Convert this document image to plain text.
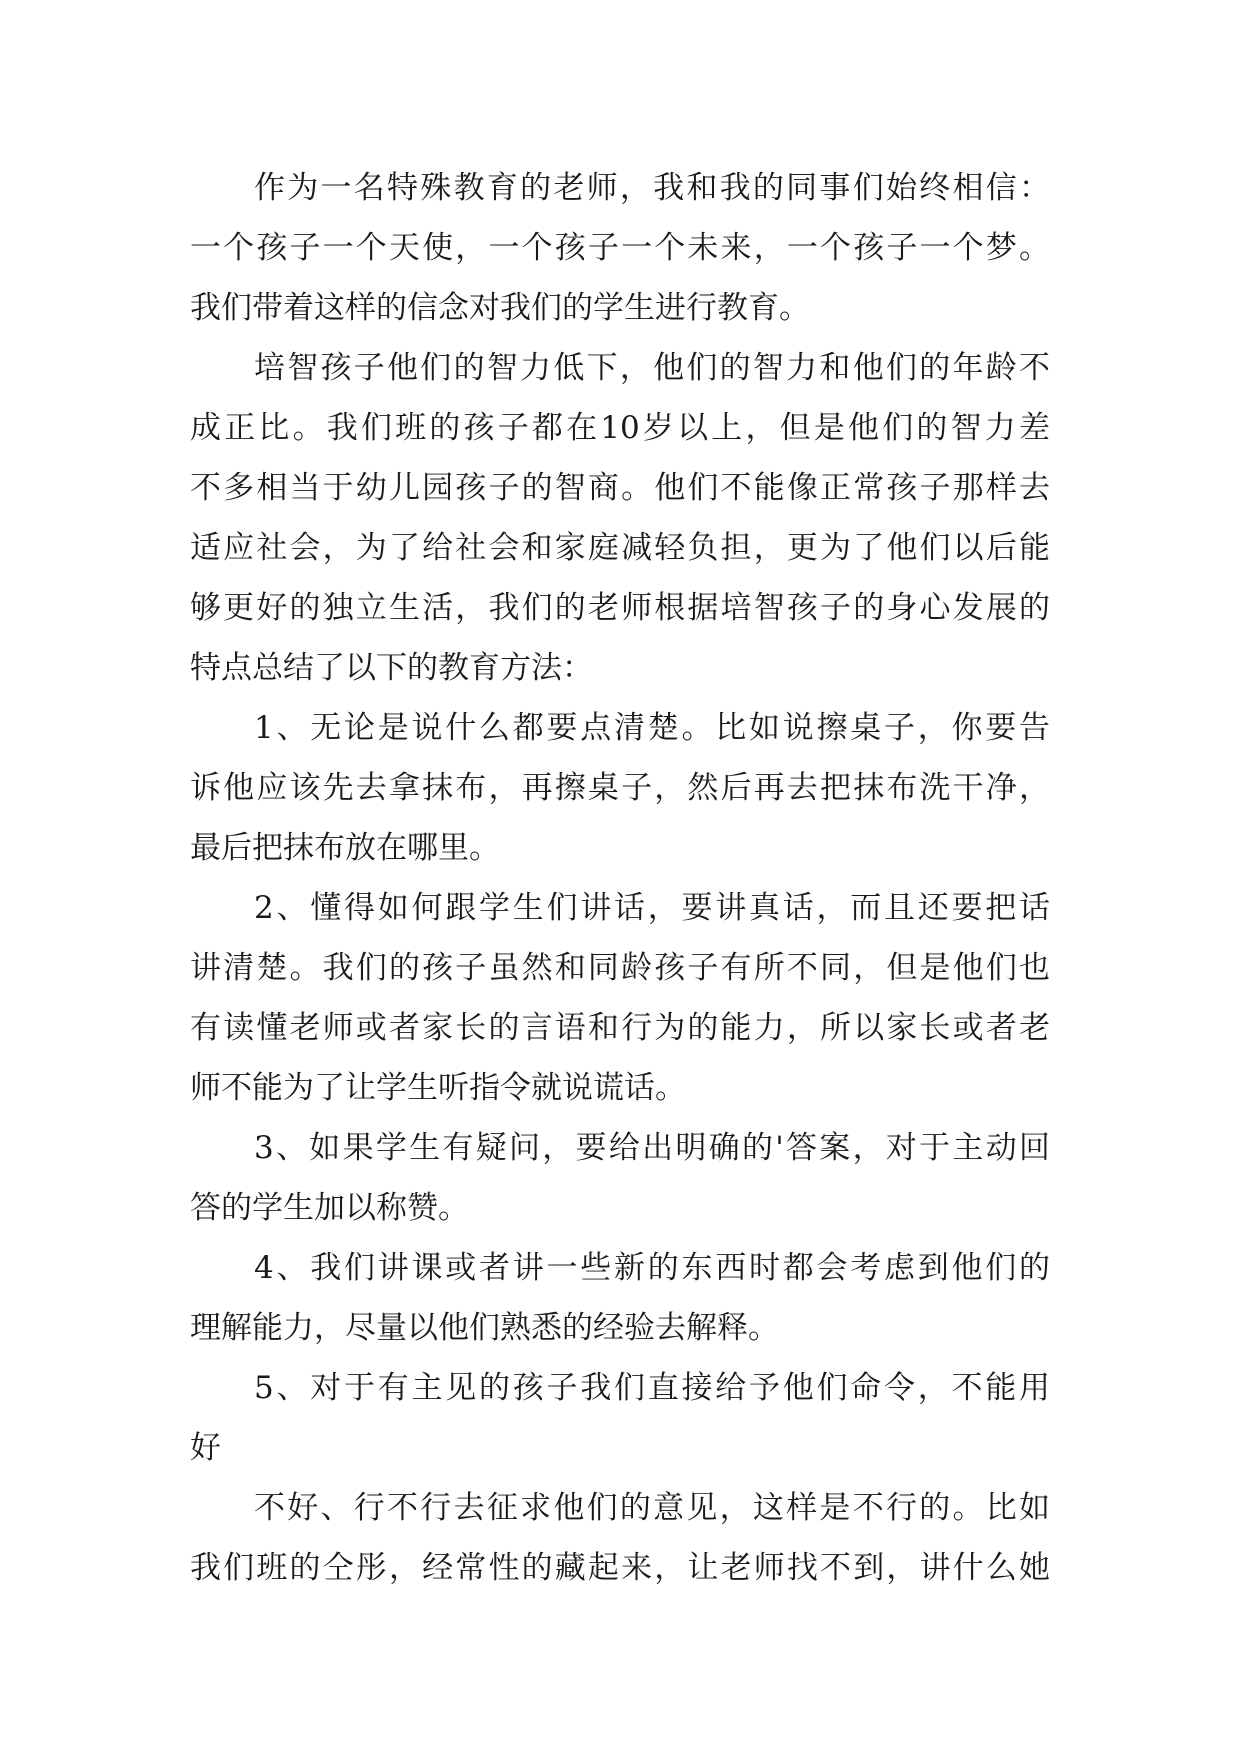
作为一名特殊教育的老师，我和我的同事们始终相信：
一个孩子一个天使，一个孩子一个未来，一个孩子一个梦。
我们带着这样的信念对我们的学生进行教育。
培智孩子他们的智力低下，他们的智力和他们的年龄不
成正比。我们班的孩子都在10岁以上，但是他们的智力差
不多相当于幼儿园孩子的智商。他们不能像正常孩子那样去
适应社会，为了给社会和家庭减轻负担，更为了他们以后能
够更好的独立生活，我们的老师根据培智孩子的身心发展的
特点总结了以下的教育方法：
1、无论是说什么都要点清楚。比如说擦桌子，你要告
诉他应该先去拿抹布，再擦桌子，然后再去把抹布洗干净，
最后把抹布放在哪里。
2、懂得如何跟学生们讲话，要讲真话，而且还要把话
讲清楚。我们的孩子虽然和同龄孩子有所不同，但是他们也
有读懂老师或者家长的言语和行为的能力，所以家长或者老
师不能为了让学生听指令就说谎话。
3、如果学生有疑问，要给出明确的'答案，对于主动回
答的学生加以称赞。
4、我们讲课或者讲一些新的东西时都会考虑到他们的
理解能力，尽量以他们熟悉的经验去解释。
5、对于有主见的孩子我们直接给予他们命令，不能用
好
不好、行不行去征求他们的意见，这样是不行的。比如
我们班的仝彤，经常性的藏起来，让老师找不到，讲什么她
